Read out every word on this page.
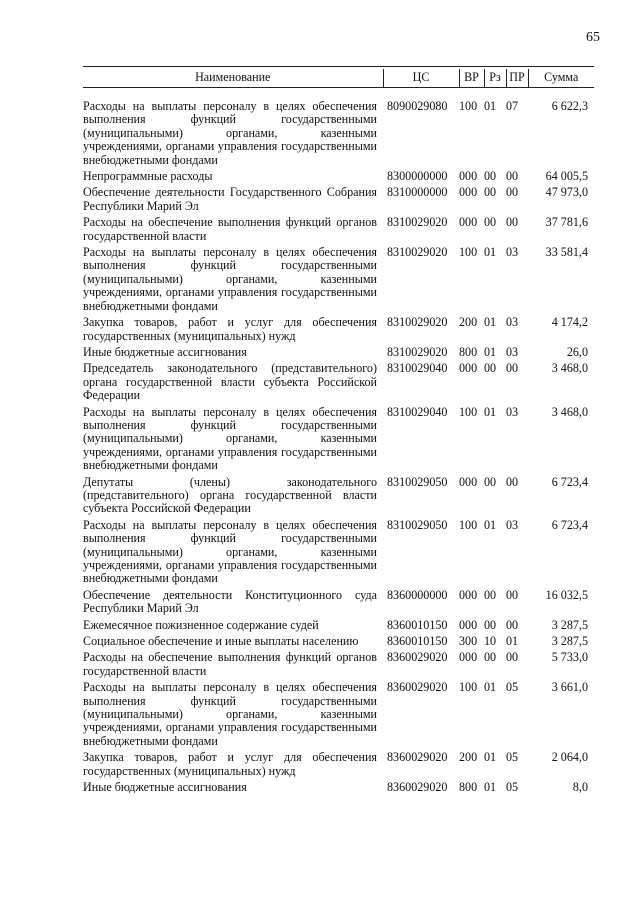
65
Наименование	ЦС	ВР	Рз	ПР	Сумма
Расходы на выплаты персоналу в целях обеспечения выполнения функций государственными (муниципальными) органами, казенными учреждениями, органами управления государственными внебюджетными фондами	8090029080	100	01	07	6 622,3
Непрограммные расходы	8300000000	000	00	00	64 005,5
Обеспечение деятельности Государственного Собрания Республики Марий Эл	8310000000	000	00	00	47 973,0
Расходы на обеспечение выполнения функций органов государственной власти	8310029020	000	00	00	37 781,6
Расходы на выплаты персоналу в целях обеспечения выполнения функций государственными (муниципальными) органами, казенными учреждениями, органами управления государственными внебюджетными фондами	8310029020	100	01	03	33 581,4
Закупка товаров, работ и услуг для обеспечения государственных (муниципальных) нужд	8310029020	200	01	03	4 174,2
Иные бюджетные ассигнования	8310029020	800	01	03	26,0
Председатель законодательного (представительного) органа государственной власти субъекта Российской Федерации	8310029040	000	00	00	3 468,0
Расходы на выплаты персоналу в целях обеспечения выполнения функций государственными (муниципальными) органами, казенными учреждениями, органами управления государственными внебюджетными фондами	8310029040	100	01	03	3 468,0
Депутаты (члены) законодательного (представительного) органа государственной власти субъекта Российской Федерации	8310029050	000	00	00	6 723,4
Расходы на выплаты персоналу в целях обеспечения выполнения функций государственными (муниципальными) органами, казенными учреждениями, органами управления государственными внебюджетными фондами	8310029050	100	01	03	6 723,4
Обеспечение деятельности Конституционного суда Республики Марий Эл	8360000000	000	00	00	16 032,5
Ежемесячное пожизненное содержание судей	8360010150	000	00	00	3 287,5
Социальное обеспечение и иные выплаты населению	8360010150	300	10	01	3 287,5
Расходы на обеспечение выполнения функций органов государственной власти	8360029020	000	00	00	5 733,0
Расходы на выплаты персоналу в целях обеспечения выполнения функций государственными (муниципальными) органами, казенными учреждениями, органами управления государственными внебюджетными фондами	8360029020	100	01	05	3 661,0
Закупка товаров, работ и услуг для обеспечения государственных (муниципальных) нужд	8360029020	200	01	05	2 064,0
Иные бюджетные ассигнования	8360029020	800	01	05	8,0
